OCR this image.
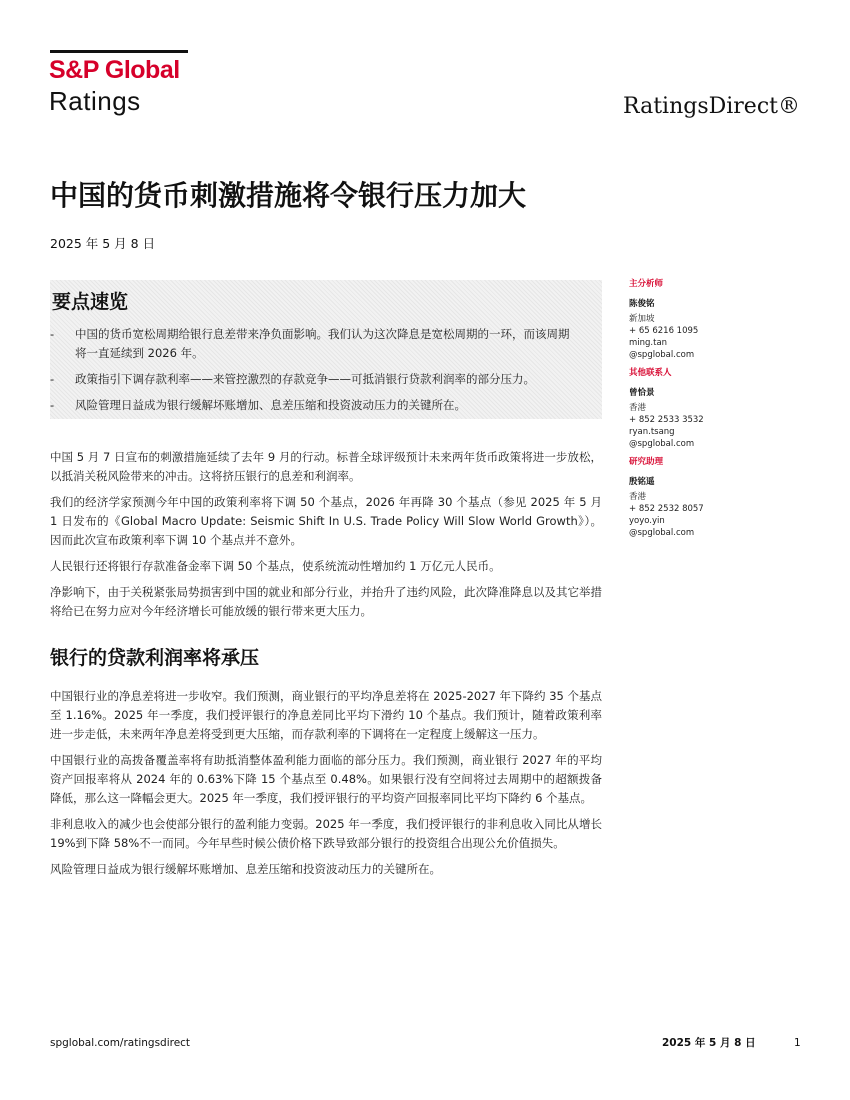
S&P Global
Ratings	RatingsDirect®
中国的货币刺激措施将令银行压力加大
2025 年 5 月 8 日
要点速览
- 中国的货币宽松周期给银行息差带来净负面影响。我们认为这次降息是宽松周期的一环，而该周期将一直延续到 2026 年。
- 政策指引下调存款利率——来管控激烈的存款竞争——可抵消银行贷款利润率的部分压力。
- 风险管理日益成为银行缓解坏账增加、息差压缩和投资波动压力的关键所在。

中国 5 月 7 日宣布的刺激措施延续了去年 9 月的行动。标普全球评级预计未来两年货币政策将进一步放松，以抵消关税风险带来的冲击。这将挤压银行的息差和利润率。

我们的经济学家预测今年中国的政策利率将下调 50 个基点，2026 年再降 30 个基点（参见 2025 年 5 月 1 日发布的《Global Macro Update: Seismic Shift In U.S. Trade Policy Will Slow World Growth》）。因而此次宣布政策利率下调 10 个基点并不意外。

人民银行还将银行存款准备金率下调 50 个基点，使系统流动性增加约 1 万亿元人民币。

净影响下，由于关税紧张局势损害到中国的就业和部分行业，并抬升了违约风险，此次降准降息以及其它举措将给已在努力应对今年经济增长可能放缓的银行带来更大压力。

银行的贷款利润率将承压

中国银行业的净息差将进一步收窄。我们预测，商业银行的平均净息差将在 2025-2027 年下降约 35 个基点至 1.16%。2025 年一季度，我们授评银行的净息差同比平均下滑约 10 个基点。我们预计，随着政策利率进一步走低，未来两年净息差将受到更大压缩，而存款利率的下调将在一定程度上缓解这一压力。

中国银行业的高拨备覆盖率将有助抵消整体盈利能力面临的部分压力。我们预测，商业银行 2027 年的平均资产回报率将从 2024 年的 0.63%下降 15 个基点至 0.48%。如果银行没有空间将过去周期中的超额拨备降低，那么这一降幅会更大。2025 年一季度，我们授评银行的平均资产回报率同比平均下降约 6 个基点。

非利息收入的减少也会使部分银行的盈利能力变弱。2025 年一季度，我们授评银行的非利息收入同比从增长 19%到下降 58%不一而同。今年早些时候公债价格下跌导致部分银行的投资组合出现公允价值损失。

风险管理日益成为银行缓解坏账增加、息差压缩和投资波动压力的关键所在。

主分析师
陈俊铭
新加坡
+ 65 6216 1095
ming.tan
@spglobal.com
其他联系人
曾恰景
香港
+ 852 2533 3532
ryan.tsang
@spglobal.com
研究助理
殷铭遥
香港
+ 852 2532 8057
yoyo.yin
@spglobal.com
spglobal.com/ratingsdirect	2025 年 5 月 8 日	1
